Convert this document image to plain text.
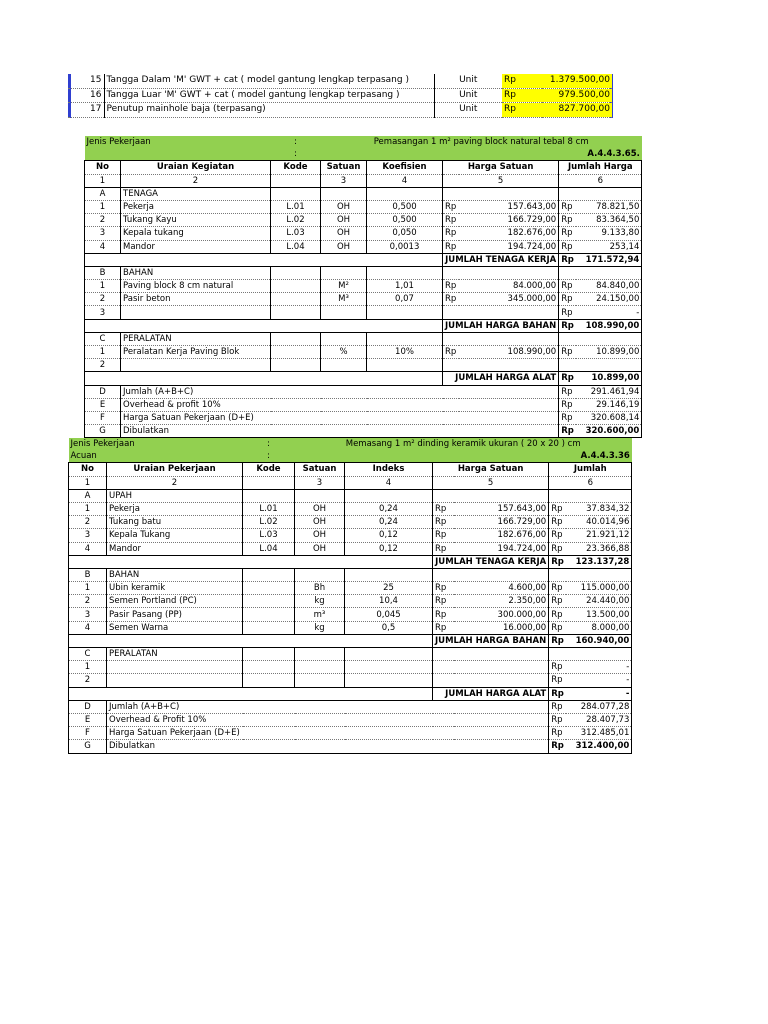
15	Tangga Dalam 'M' GWT + cat ( model gantung lengkap terpasang )	Unit	Rp	1.379.500,00
16	Tangga Luar 'M' GWT + cat ( model gantung lengkap terpasang )	Unit	Rp	979.500,00
17	Penutup mainhole baja (terpasang)	Unit	Rp	827.700,00
Jenis Pekerjaan		:	Pemasangan 1 m² paving block natural tebal 8 cm					
		:				A.4.4.3.65.		
No	Uraian Kegiatan	Kode	Satuan	Koefisien	Harga Satuan		Jumlah Harga	
1	2		3	4	5		6	
A	TENAGA							
1	Pekerja	L.01	OH	0,500	Rp	157.643,00	Rp	78.821,50
2	Tukang Kayu	L.02	OH	0,500	Rp	166.729,00	Rp	83.364,50
3	Kepala tukang	L.03	OH	0,050	Rp	182.676,00	Rp	9.133,80
4	Mandor	L.04	OH	0,0013	Rp	194.724,00	Rp	253,14
					JUMLAH TENAGA KERJA		Rp	171.572,94
B	BAHAN							
1	Paving block 8 cm natural		M²	1,01	Rp	84.000,00	Rp	84.840,00
2	Pasir beton		M³	0,07	Rp	345.000,00	Rp	24.150,00
3							Rp	-
					JUMLAH HARGA BAHAN		Rp	108.990,00
C	PERALATAN							
1	Peralatan Kerja Paving Blok		%	10%	Rp	108.990,00	Rp	10.899,00
2								
					JUMLAH HARGA ALAT		Rp	10.899,00
D	Jumlah (A+B+C)						Rp	291.461,94
E	Overhead & profit 10%						Rp	29.146,19
F	Harga Satuan Pekerjaan (D+E)						Rp	320.608,14
G	Dibulatkan						Rp	320.600,00
Jenis Pekerjaan		:	Memasang 1 m² dinding keramik ukuran ( 20 x 20 ) cm					
Acuan		:				A.4.4.3.36		
No	Uraian Pekerjaan	Kode	Satuan	Indeks	Harga Satuan		Jumlah	
1	2		3	4	5		6	
A	UPAH							
1	Pekerja	L.01	OH	0,24	Rp	157.643,00	Rp	37.834,32
2	Tukang batu	L.02	OH	0,24	Rp	166.729,00	Rp	40.014,96
3	Kepala Tukang	L.03	OH	0,12	Rp	182.676,00	Rp	21.921,12
4	Mandor	L.04	OH	0,12	Rp	194.724,00	Rp	23.366,88
					JUMLAH TENAGA KERJA		Rp	123.137,28
B	BAHAN							
1	Ubin keramik		Bh	25	Rp	4.600,00	Rp	115.000,00
2	Semen Portland (PC)		kg	10,4	Rp	2.350,00	Rp	24.440,00
3	Pasir Pasang (PP)		m³	0,045	Rp	300.000,00	Rp	13.500,00
4	Semen Warna		kg	0,5	Rp	16.000,00	Rp	8.000,00
					JUMLAH HARGA BAHAN		Rp	160.940,00
C	PERALATAN							
1							Rp	-
2							Rp	-
					JUMLAH HARGA ALAT		Rp	-
D	Jumlah (A+B+C)						Rp	284.077,28
E	Overhead & Profit 10%						Rp	28.407,73
F	Harga Satuan Pekerjaan (D+E)						Rp	312.485,01
G	Dibulatkan						Rp	312.400,00
